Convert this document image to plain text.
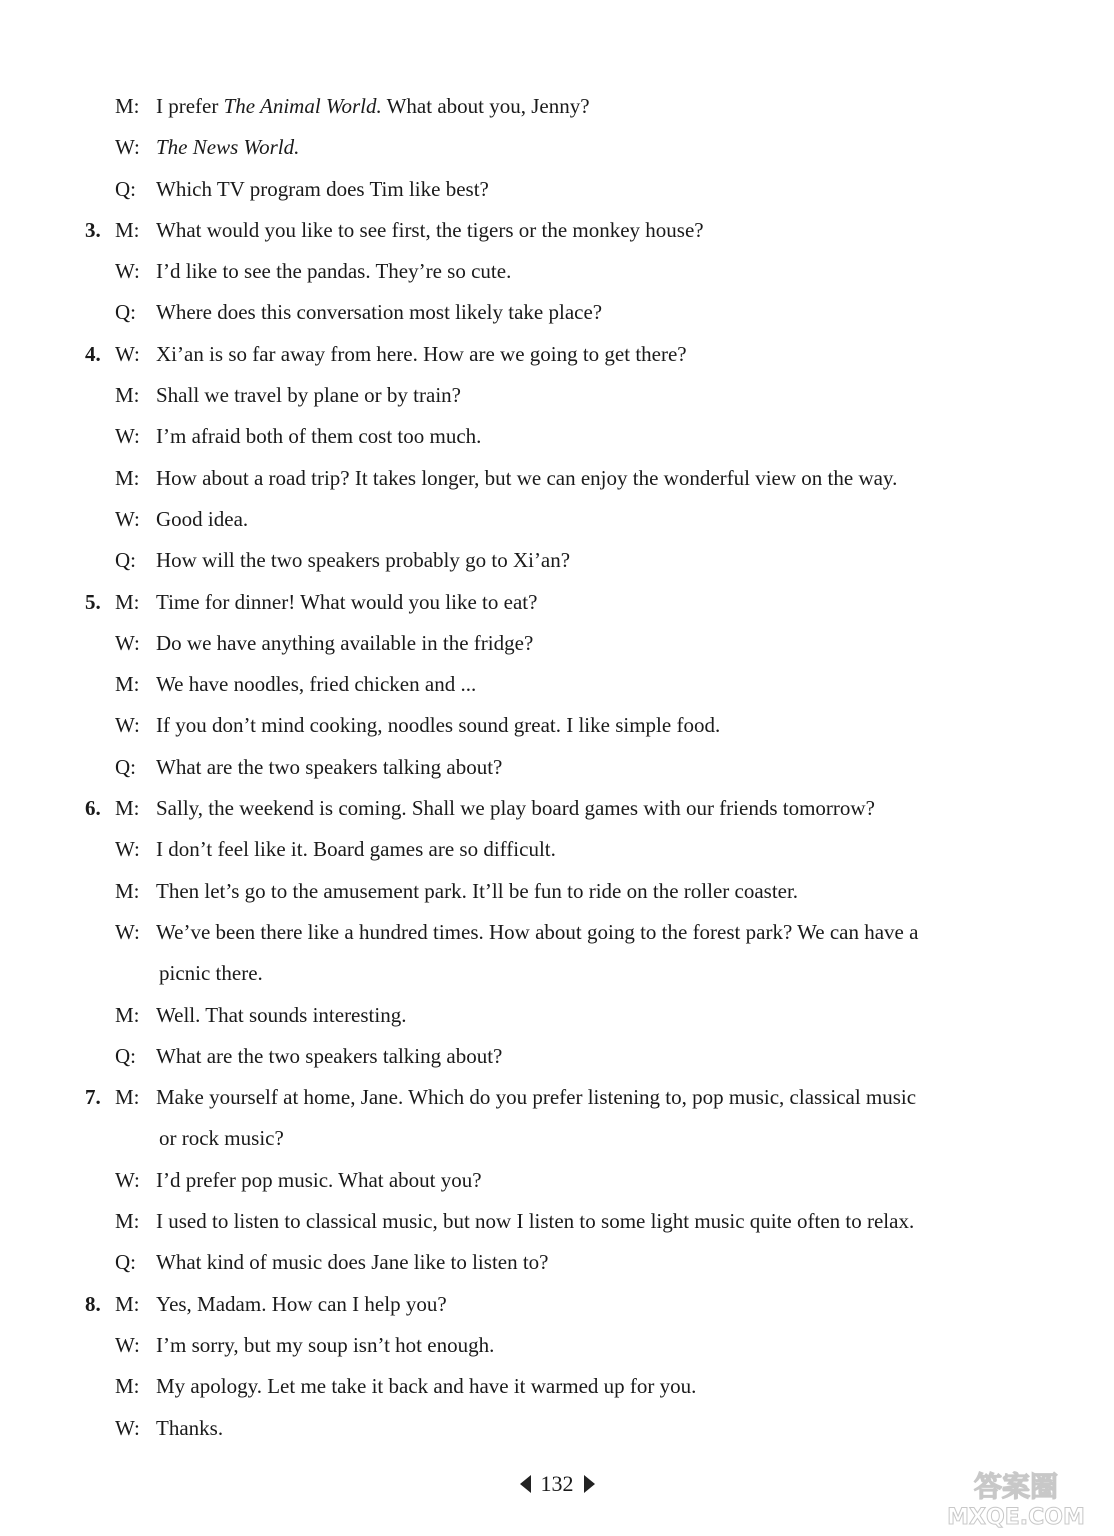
M: I prefer The Animal World. What about you, Jenny?
W: The News World.
Q: Which TV program does Tim like best?
3. M: What would you like to see first, the tigers or the monkey house?
W: I’d like to see the pandas. They’re so cute.
Q: Where does this conversation most likely take place?
4. W: Xi’an is so far away from here. How are we going to get there?
M: Shall we travel by plane or by train?
W: I’m afraid both of them cost too much.
M: How about a road trip? It takes longer, but we can enjoy the wonderful view on the way.
W: Good idea.
Q: How will the two speakers probably go to Xi’an?
5. M: Time for dinner! What would you like to eat?
W: Do we have anything available in the fridge?
M: We have noodles, fried chicken and ...
W: If you don’t mind cooking, noodles sound great. I like simple food.
Q: What are the two speakers talking about?
6. M: Sally, the weekend is coming. Shall we play board games with our friends tomorrow?
W: I don’t feel like it. Board games are so difficult.
M: Then let’s go to the amusement park. It’ll be fun to ride on the roller coaster.
W: We’ve been there like a hundred times. How about going to the forest park? We can have a
picnic there.
M: Well. That sounds interesting.
Q: What are the two speakers talking about?
7. M: Make yourself at home, Jane. Which do you prefer listening to, pop music, classical music
or rock music?
W: I’d prefer pop music. What about you?
M: I used to listen to classical music, but now I listen to some light music quite often to relax.
Q: What kind of music does Jane like to listen to?
8. M: Yes, Madam. How can I help you?
W: I’m sorry, but my soup isn’t hot enough.
M: My apology. Let me take it back and have it warmed up for you.
W: Thanks.
132	答案圈
MXQE.COM
